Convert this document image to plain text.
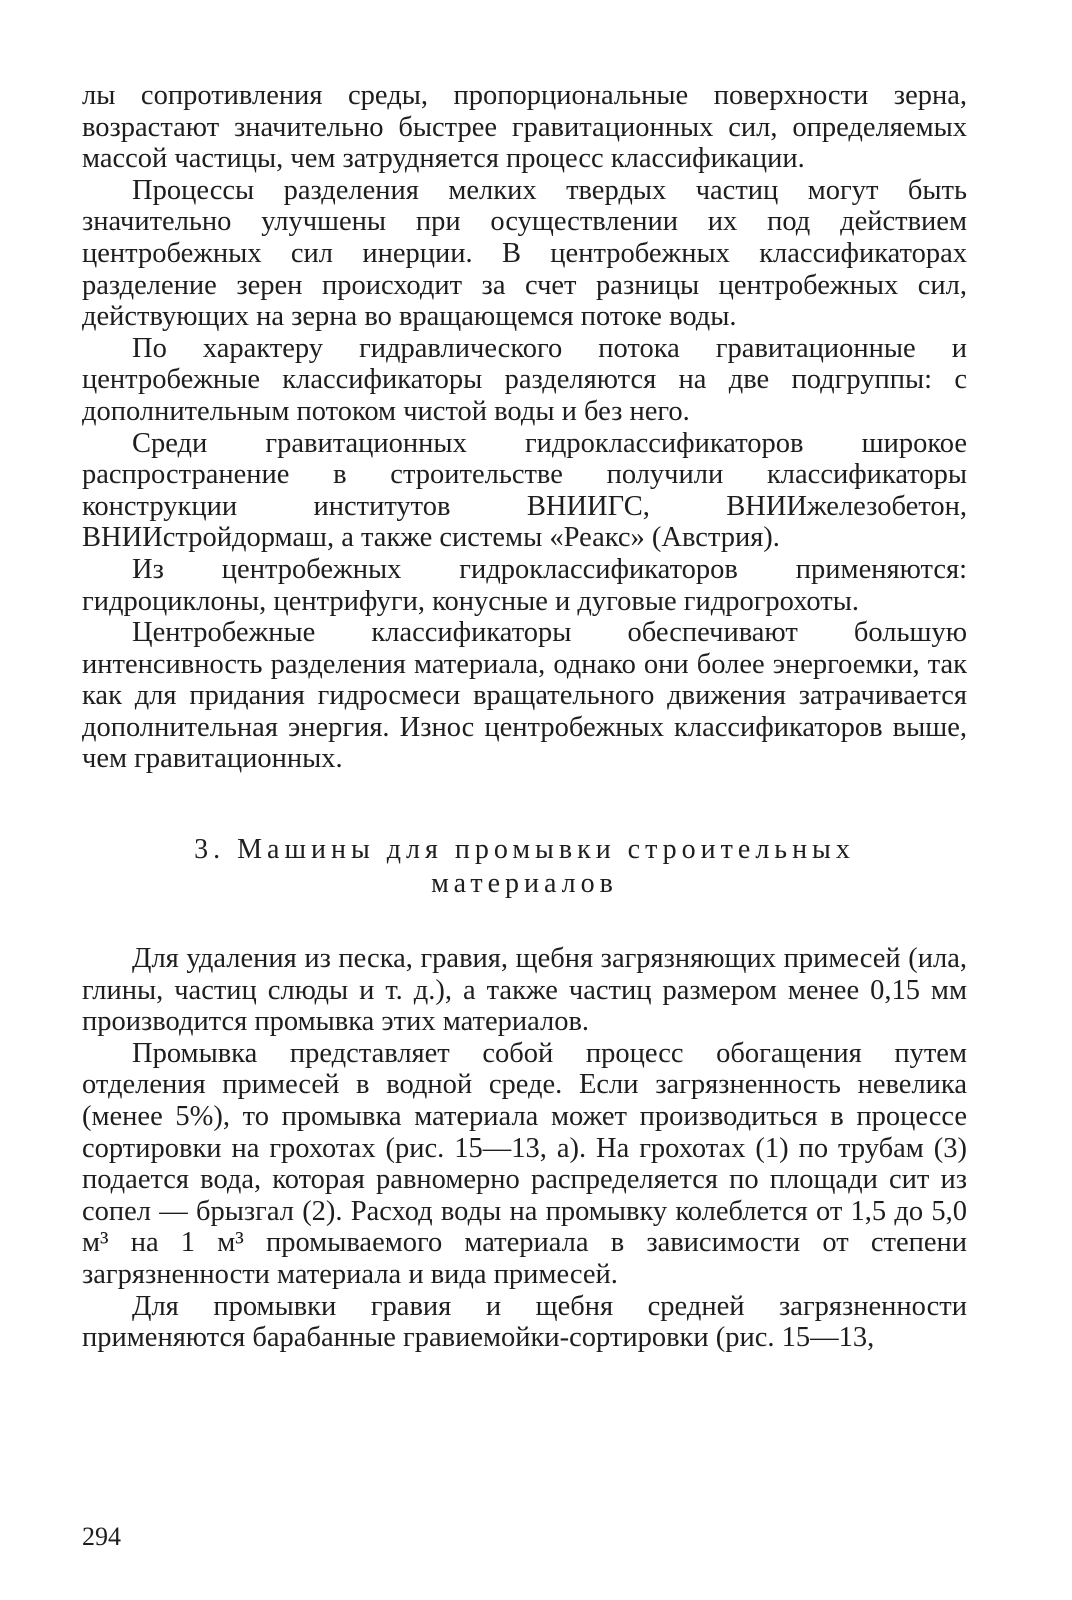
лы сопротивления среды, пропорциональные поверхности зерна, возрастают значительно быстрее гравитационных сил, определяемых массой частицы, чем затрудняется процесс классификации.

Процессы разделения мелких твердых частиц могут быть значительно улучшены при осуществлении их под действием центробежных сил инерции. В центробежных классификаторах разделение зерен происходит за счет разницы центробежных сил, действующих на зерна во вращающемся потоке воды.

По характеру гидравлического потока гравитационные и центробежные классификаторы разделяются на две подгруппы: с дополнительным потоком чистой воды и без него.

Среди гравитационных гидроклассификаторов широкое распространение в строительстве получили классификаторы конструкции институтов ВНИИГС, ВНИИжелезобетон, ВНИИстройдормаш, а также системы «Реакс» (Австрия).

Из центробежных гидроклассификаторов применяются: гидроциклоны, центрифуги, конусные и дуговые гидрогрохоты.

Центробежные классификаторы обеспечивают большую интенсивность разделения материала, однако они более энергоемки, так как для придания гидросмеси вращательного движения затрачивается дополнительная энергия. Износ центробежных классификаторов выше, чем гравитационных.

3. Машины для промывки строительных
материалов

Для удаления из песка, гравия, щебня загрязняющих примесей (ила, глины, частиц слюды и т. д.), а также частиц размером менее 0,15 мм производится промывка этих материалов.

Промывка представляет собой процесс обогащения путем отделения примесей в водной среде. Если загрязненность невелика (менее 5%), то промывка материала может производиться в процессе сортировки на грохотах (рис. 15—13, а). На грохотах (1) по трубам (3) подается вода, которая равномерно распределяется по площади сит из сопел — брызгал (2). Расход воды на промывку колеблется от 1,5 до 5,0 м³ на 1 м³ промываемого материала в зависимости от степени загрязненности материала и вида примесей.

Для промывки гравия и щебня средней загрязненности применяются барабанные гравиемойки-сортировки (рис. 15—13,

294
